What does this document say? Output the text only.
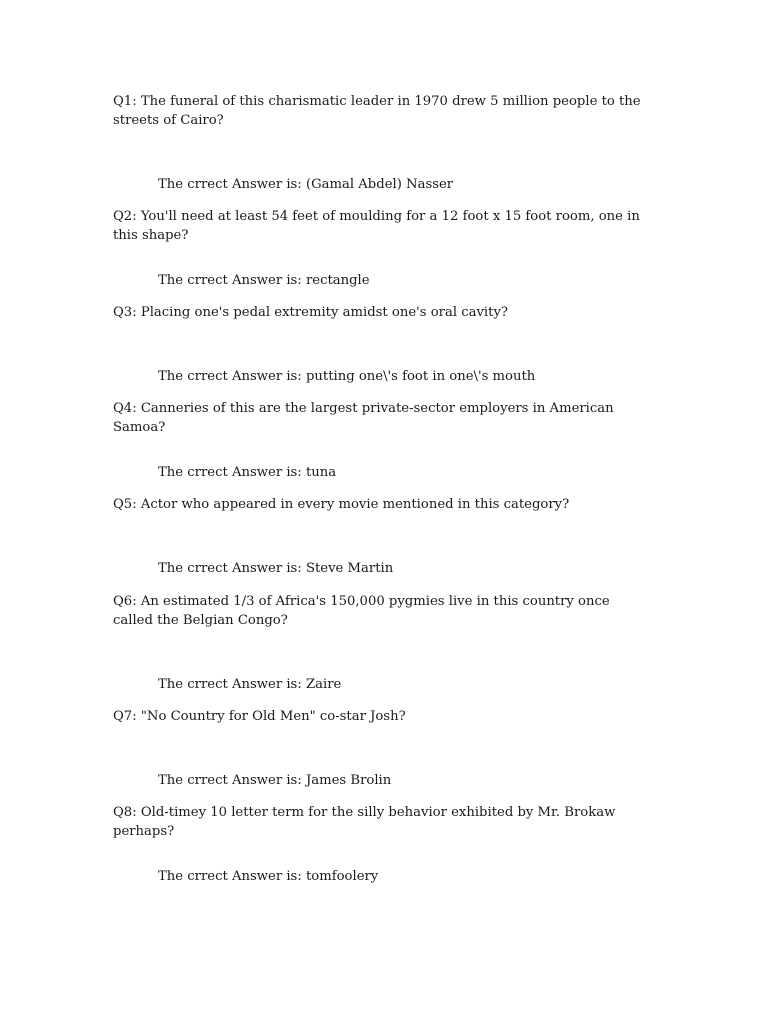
Q1: The funeral of this charismatic leader in 1970 drew 5 million people to the streets of Cairo?

The crrect Answer is: (Gamal Abdel) Nasser

Q2: You'll need at least 54 feet of moulding for a 12 foot x 15 foot room, one in this shape?

The crrect Answer is: rectangle

Q3: Placing one's pedal extremity amidst one's oral cavity?

The crrect Answer is: putting one\'s foot in one\'s mouth

Q4: Canneries of this are the largest private-sector employers in American Samoa?

The crrect Answer is: tuna

Q5: Actor who appeared in every movie mentioned in this category?

The crrect Answer is: Steve Martin

Q6: An estimated 1/3 of Africa's 150,000 pygmies live in this country once called the Belgian Congo?

The crrect Answer is: Zaire

Q7: "No Country for Old Men" co-star Josh?

The crrect Answer is: James Brolin

Q8: Old-timey 10 letter term for the silly behavior exhibited by Mr. Brokaw perhaps?

The crrect Answer is: tomfoolery
